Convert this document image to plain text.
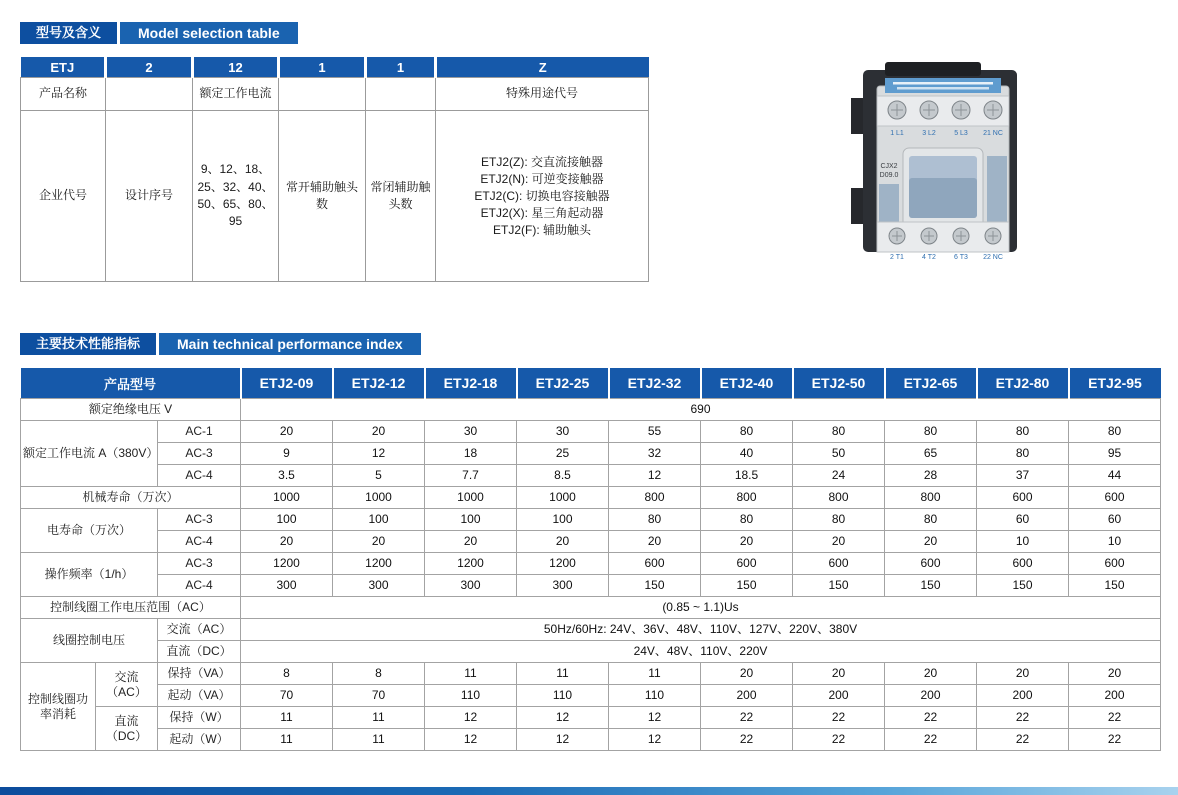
型号及含义	Model selection table
ETJ	2	12	1	1	Z
产品名称		额定工作电流			特殊用途代号
企业代号	设计序号	9、12、18、25、32、40、50、65、80、95	常开辅助触头数	常闭辅助触头数	ETJ2(Z): 交直流接触器
ETJ2(N): 可逆变接触器
ETJ2(C): 切换电容接触器
ETJ2(X): 星三角起动器
ETJ2(F): 辅助触头
1 L1	3 L2	5 L3 21 NC
CJX2
D09.0
2 T1	4 T2	6 T3 22 NC
主要技术性能指标	Main technical performance index
产品型号			ETJ2-09	ETJ2-12	ETJ2-18	ETJ2-25	ETJ2-32	ETJ2-40	ETJ2-50	ETJ2-65	ETJ2-80	ETJ2-95
额定绝缘电压 V			690									
额定工作电流 A（380V）		AC-1	20	20	30	30	55	80	80	80	80	80
		AC-3	9	12	18	25	32	40	50	65	80	95
		AC-4	3.5	5	7.7	8.5	12	18.5	24	28	37	44
机械寿命（万次）			1000	1000	1000	1000	800	800	800	800	600	600
电寿命（万次）		AC-3	100	100	100	100	80	80	80	80	60	60
		AC-4	20	20	20	20	20	20	20	20	10	10
操作频率（1/h）		AC-3	1200	1200	1200	1200	600	600	600	600	600	600
		AC-4	300	300	300	300	150	150	150	150	150	150
控制线圈工作电压范围（AC）			(0.85 ~ 1.1)Us									
线圈控制电压		交流（AC）	50Hz/60Hz: 24V、36V、48V、110V、127V、220V、380V									
		直流（DC）	24V、48V、110V、220V									
控制线圈功率消耗	交流（AC）	保持（VA）	8	8	11	11	11	20	20	20	20	20
		起动（VA）	70	70	110	110	110	200	200	200	200	200
	直流（DC）	保持（W）	11	11	12	12	12	22	22	22	22	22
		起动（W）	11	11	12	12	12	22	22	22	22	22
